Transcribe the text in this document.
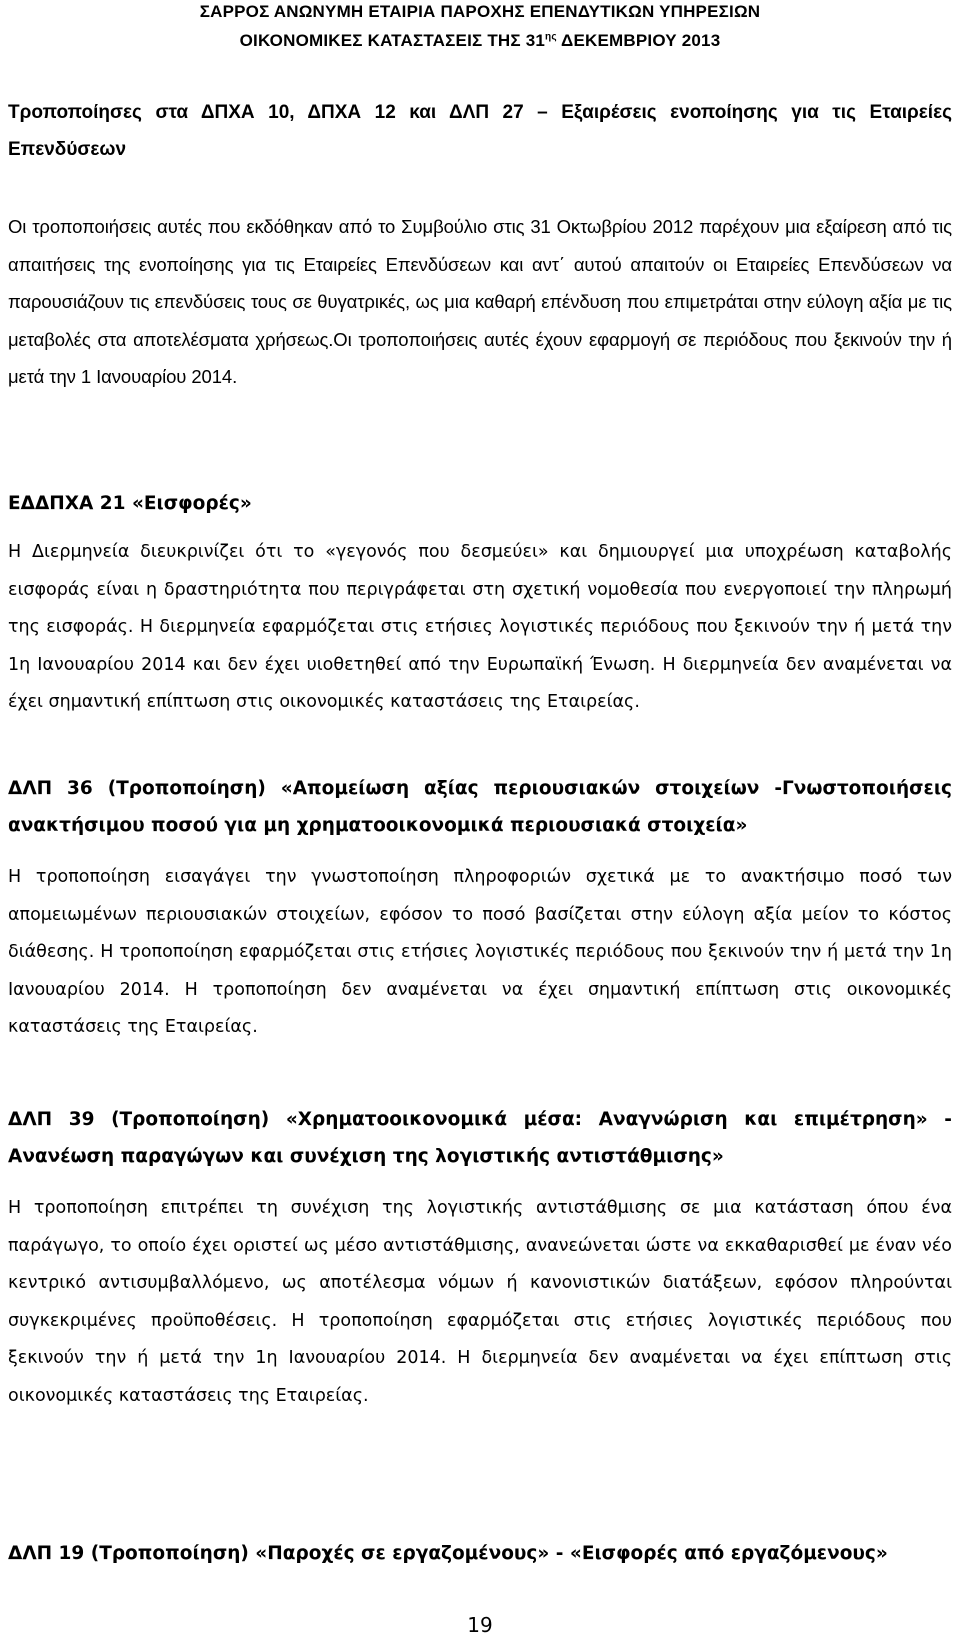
ΣΑΡΡΟΣ ΑΝΩΝΥΜΗ ΕΤΑΙΡΙΑ ΠΑΡΟΧΗΣ ΕΠΕΝΔΥΤΙΚΩΝ ΥΠΗΡΕΣΙΩΝ
ΟΙΚΟΝΟΜΙΚΕΣ ΚΑΤΑΣΤΑΣΕΙΣ ΤΗΣ $31^{\eta\varsigma}$ ΔΕΚΕΜΒΡΙΟΥ 2013
Τροποποίησες στα ΔΠΧΑ 10, ΔΠΧΑ 12 και ΔΛΠ 27 – Εξαιρέσεις ενοποίησης για τις Εταιρείες Επενδύσεων
Οι τροποποιήσεις αυτές που εκδόθηκαν από το Συμβούλιο στις 31 Οκτωβρίου 2012 παρέχουν μια εξαίρεση από τις απαιτήσεις της ενοποίησης για τις Εταιρείες Επενδύσεων και αντ΄ αυτού απαιτούν οι Εταιρείες Επενδύσεων να παρουσιάζουν τις επενδύσεις τους σε θυγατρικές, ως μια καθαρή επένδυση που επιμετράται στην εύλογη αξία με τις μεταβολές στα αποτελέσματα χρήσεως.Οι τροποποιήσεις αυτές έχουν εφαρμογή σε περιόδους που ξεκινούν την ή μετά την 1 Ιανουαρίου 2014.
ΕΔΔΠΧΑ 21 «Εισφορές»
Η Διερμηνεία διευκρινίζει ότι το «γεγονός που δεσμεύει» και δημιουργεί μια υποχρέωση καταβολής εισφοράς είναι η δραστηριότητα που περιγράφεται στη σχετική νομοθεσία που ενεργοποιεί την πληρωμή της εισφοράς. Η διερμηνεία εφαρμόζεται στις ετήσιες λογιστικές περιόδους που ξεκινούν την ή μετά την 1η Ιανουαρίου 2014 και δεν έχει υιοθετηθεί από την Ευρωπαϊκή Ένωση. Η διερμηνεία δεν αναμένεται να έχει σημαντική επίπτωση στις οικονομικές καταστάσεις της Εταιρείας.
ΔΛΠ 36 (Τροποποίηση) «Απομείωση αξίας περιουσιακών στοιχείων -Γνωστοποιήσεις ανακτήσιμου ποσού για μη χρηματοοικονομικά περιουσιακά στοιχεία»
Η τροποποίηση εισαγάγει την γνωστοποίηση πληροφοριών σχετικά με το ανακτήσιμο ποσό των απομειωμένων περιουσιακών στοιχείων, εφόσον το ποσό βασίζεται στην εύλογη αξία μείον το κόστος διάθεσης. Η τροποποίηση εφαρμόζεται στις ετήσιες λογιστικές περιόδους που ξεκινούν την ή μετά την 1η Ιανουαρίου 2014. Η τροποποίηση δεν αναμένεται να έχει σημαντική επίπτωση στις οικονομικές καταστάσεις της Εταιρείας.
ΔΛΠ 39 (Τροποποίηση) «Χρηματοοικονομικά μέσα: Αναγνώριση και επιμέτρηση» - Ανανέωση παραγώγων και συνέχιση της λογιστικής αντιστάθμισης»
Η τροποποίηση επιτρέπει τη συνέχιση της λογιστικής αντιστάθμισης σε μια κατάσταση όπου ένα παράγωγο, το οποίο έχει οριστεί ως μέσο αντιστάθμισης, ανανεώνεται ώστε να εκκαθαρισθεί με έναν νέο κεντρικό αντισυμβαλλόμενο, ως αποτέλεσμα νόμων ή κανονιστικών διατάξεων, εφόσον πληρούνται συγκεκριμένες προϋποθέσεις. Η τροποποίηση εφαρμόζεται στις ετήσιες λογιστικές περιόδους που ξεκινούν την ή μετά την 1η Ιανουαρίου 2014. Η διερμηνεία δεν αναμένεται να έχει επίπτωση στις οικονομικές καταστάσεις της Εταιρείας.
ΔΛΠ 19 (Τροποποίηση) «Παροχές σε εργαζομένους» - «Εισφορές από εργαζόμενους»
19
